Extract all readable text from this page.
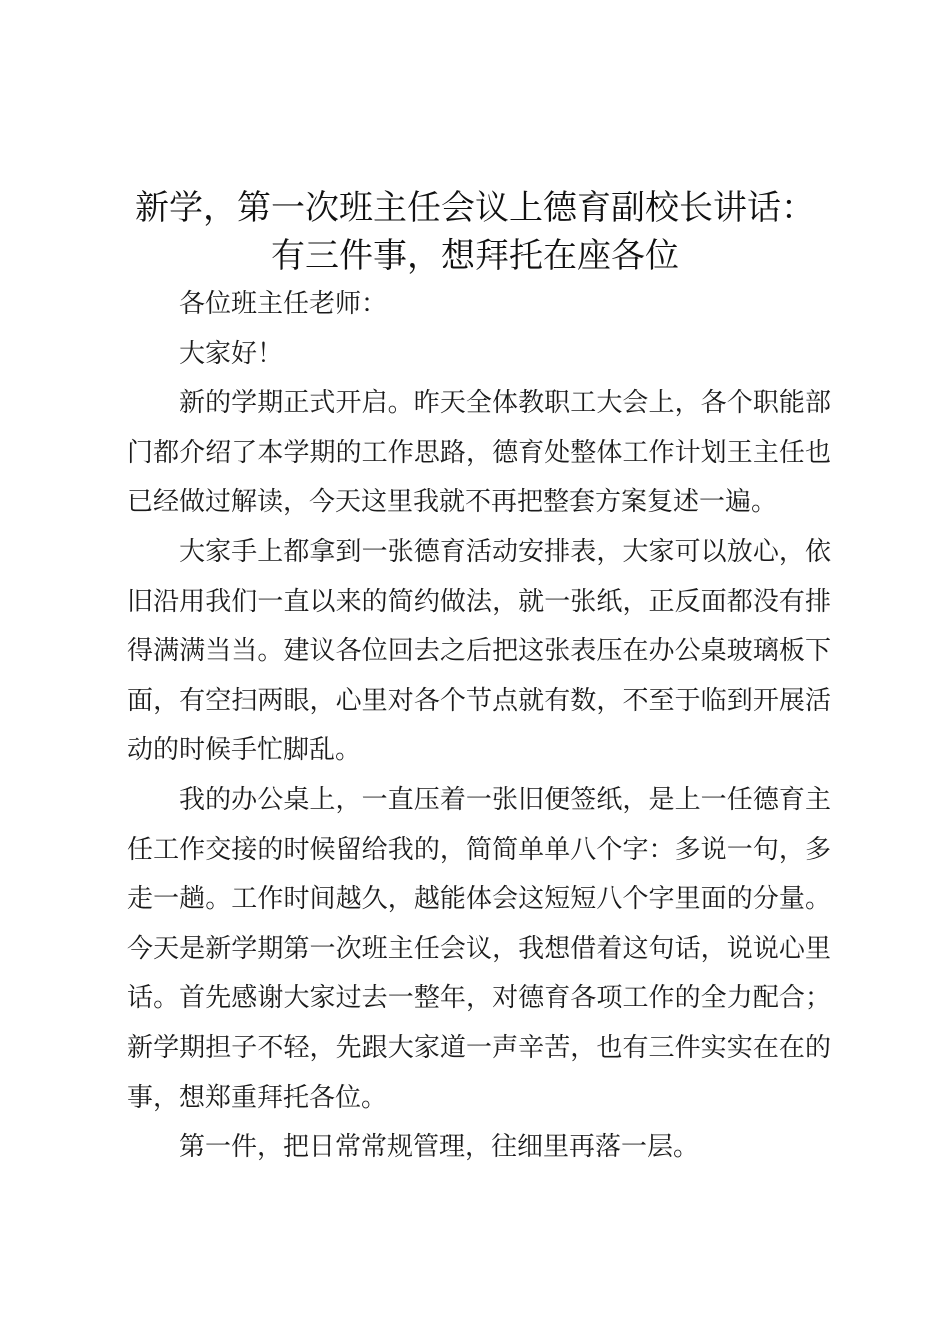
新学，第一次班主任会议上德育副校长讲话：
有三件事，想拜托在座各位

各位班主任老师：

大家好！

新的学期正式开启。昨天全体教职工大会上，各个职能部门都介绍了本学期的工作思路，德育处整体工作计划王主任也已经做过解读，今天这里我就不再把整套方案复述一遍。

大家手上都拿到一张德育活动安排表，大家可以放心，依旧沿用我们一直以来的简约做法，就一张纸，正反面都没有排得满满当当。建议各位回去之后把这张表压在办公桌玻璃板下面，有空扫两眼，心里对各个节点就有数，不至于临到开展活动的时候手忙脚乱。

我的办公桌上，一直压着一张旧便签纸，是上一任德育主任工作交接的时候留给我的，简简单单八个字：多说一句，多走一趟。工作时间越久，越能体会这短短八个字里面的分量。今天是新学期第一次班主任会议，我想借着这句话，说说心里话。首先感谢大家过去一整年，对德育各项工作的全力配合；新学期担子不轻，先跟大家道一声辛苦，也有三件实实在在的事，想郑重拜托各位。

第一件，把日常常规管理，往细里再落一层。
